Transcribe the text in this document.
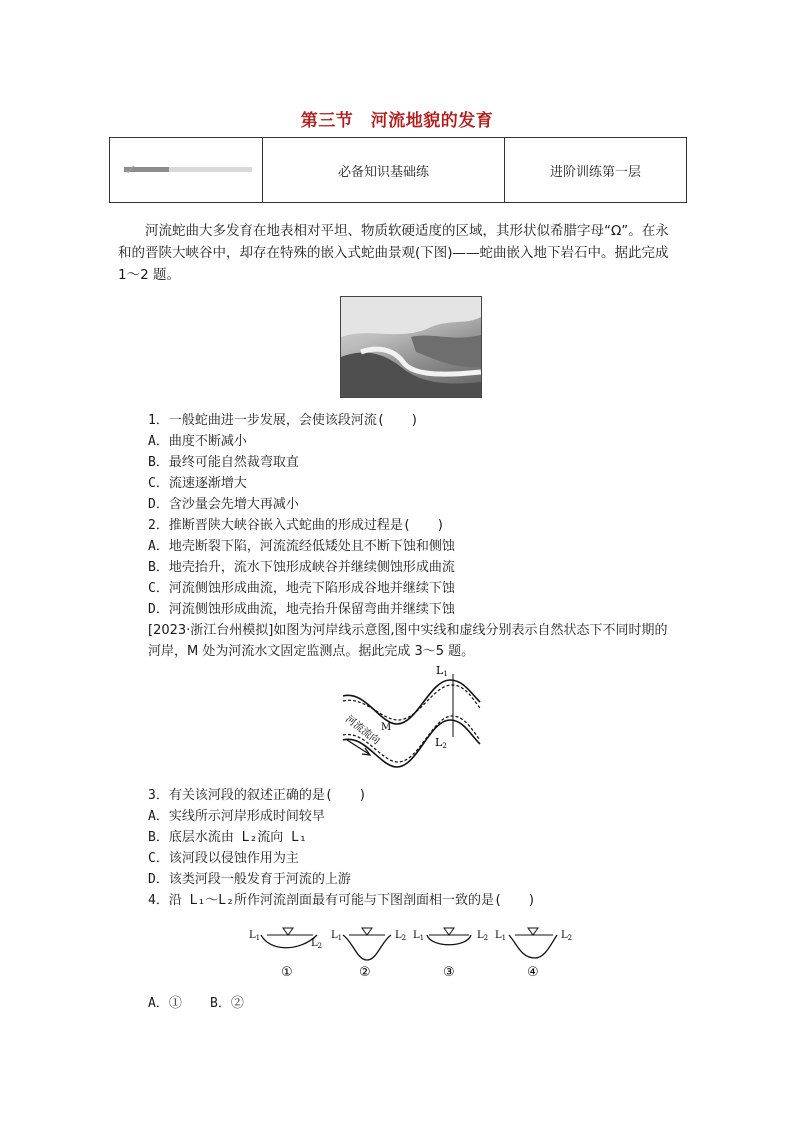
第三节　河流地貌的发育
必备知识基础练	进阶训练第一层
　　河流蛇曲大多发育在地表相对平坦、物质软硬适度的区域，其形状似希腊字母“Ω”。在永和的晋陕大峡谷中，却存在特殊的嵌入式蛇曲景观(下图)——蛇曲嵌入地下岩石中。据此完成 1～2 题。
1．一般蛇曲进一步发展，会使该段河流(　　)
A．曲度不断减小
B．最终可能自然裁弯取直
C．流速逐渐增大
D．含沙量会先增大再减小
2．推断晋陕大峡谷嵌入式蛇曲的形成过程是(　　)
A．地壳断裂下陷，河流流经低矮处且不断下蚀和侧蚀
B．地壳抬升，流水下蚀形成峡谷并继续侧蚀形成曲流
C．河流侧蚀形成曲流，地壳下陷形成谷地并继续下蚀
D．河流侧蚀形成曲流，地壳抬升保留弯曲并继续下蚀
[2023·浙江台州模拟]如图为河岸线示意图,图中实线和虚线分别表示自然状态下不同时期的河岸，M 处为河流水文固定监测点。据此完成 3～5 题。
L1
L2
M
河流流向
3．有关该河段的叙述正确的是(　　)
A．实线所示河岸形成时间较早
B．底层水流由 L₂流向 L₁
C．该河段以侵蚀作用为主
D．该类河段一般发育于河流的上游
4．沿 L₁～L₂所作河流剖面最有可能与下图剖面相一致的是(　　)
$L_1$	$L_2$
①
$L_1$	$L_2$
②
$L_1$	$L_2$
③
$L_1$	$L_2$
④
A．① B．②
